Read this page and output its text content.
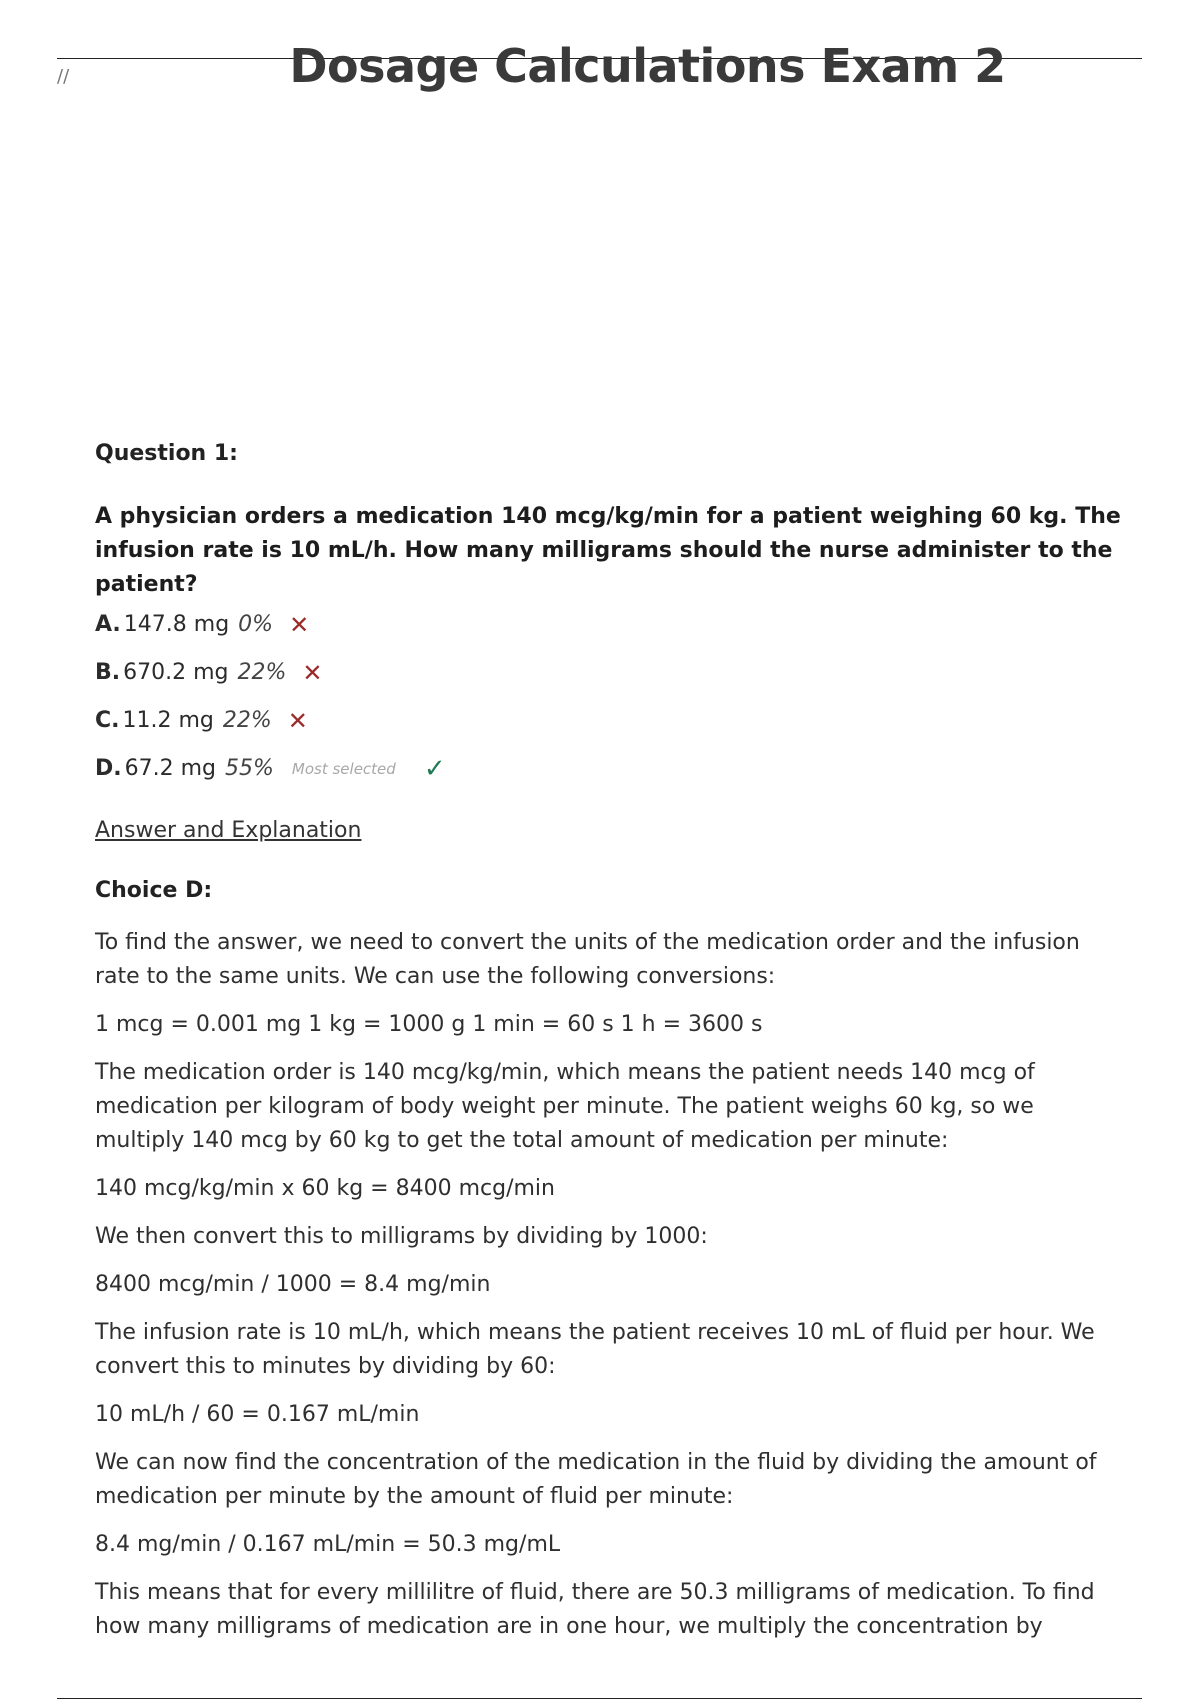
//	Dosage Calculations Exam 2

Question 1:

A physician orders a medication 140 mcg/kg/min for a patient weighing 60 kg. The infusion rate is 10 mL/h. How many milligrams should the nurse administer to the patient?

A. 147.8 mg 0% ✕
B. 670.2 mg 22% ✕
C. 11.2 mg 22% ✕
D. 67.2 mg 55% Most selected ✓
Answer and Explanation

Choice D:

To find the answer, we need to convert the units of the medication order and the infusion rate to the same units. We can use the following conversions:

1 mcg = 0.001 mg 1 kg = 1000 g 1 min = 60 s 1 h = 3600 s

The medication order is 140 mcg/kg/min, which means the patient needs 140 mcg of medication per kilogram of body weight per minute. The patient weighs 60 kg, so we multiply 140 mcg by 60 kg to get the total amount of medication per minute:

140 mcg/kg/min x 60 kg = 8400 mcg/min

We then convert this to milligrams by dividing by 1000:

8400 mcg/min / 1000 = 8.4 mg/min

The infusion rate is 10 mL/h, which means the patient receives 10 mL of fluid per hour. We convert this to minutes by dividing by 60:

10 mL/h / 60 = 0.167 mL/min

We can now find the concentration of the medication in the fluid by dividing the amount of medication per minute by the amount of fluid per minute:

8.4 mg/min / 0.167 mL/min = 50.3 mg/mL

This means that for every millilitre of fluid, there are 50.3 milligrams of medication. To find how many milligrams of medication are in one hour, we multiply the concentration by
